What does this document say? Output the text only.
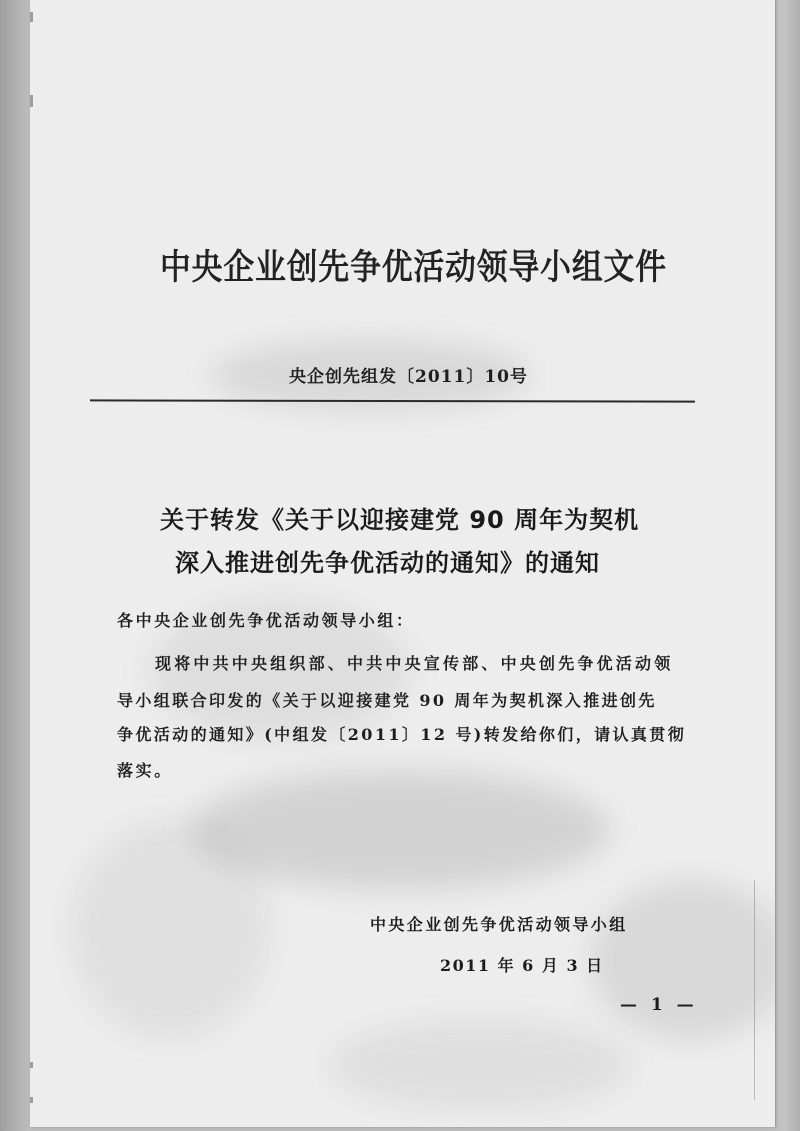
中央企业创先争优活动领导小组文件

央企创先组发〔2011〕10号

关于转发《关于以迎接建党 90 周年为契机
深入推进创先争优活动的通知》的通知

各中央企业创先争优活动领导小组：

现将中共中央组织部、中共中央宣传部、中央创先争优活动领

导小组联合印发的《关于以迎接建党 90 周年为契机深入推进创先

争优活动的通知》(中组发〔2011〕12 号)转发给你们，请认真贯彻

落实。

中央企业创先争优活动领导小组

2011 年 6 月 3 日

— 1 —
